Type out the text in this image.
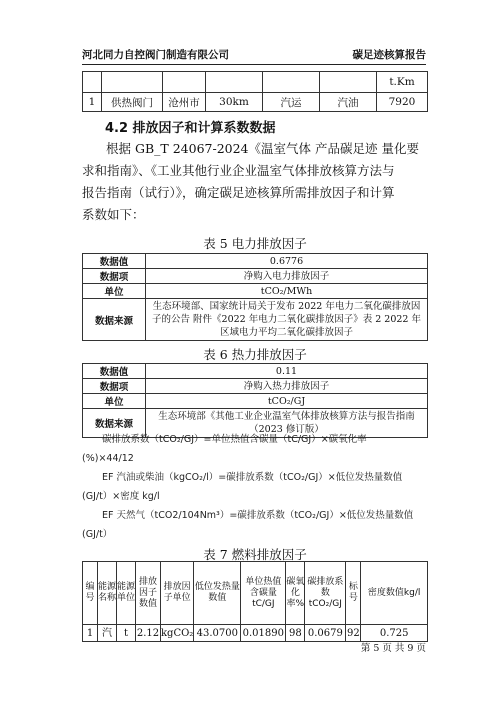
河北同力自控阀门制造有限公司	碳足迹核算报告
						t.Km
1	供热阀门	沧州市	30km	汽运	汽油	7920
4.2 排放因子和计算系数数据
根据 GB_T 24067-2024《温室气体 产品碳足迹 量化要
求和指南》、《工业其他行业企业温室气体排放核算方法与
报告指南（试行）》，确定碳足迹核算所需排放因子和计算
系数如下：
表 5 电力排放因子
数据值	0.6776
数据项	净购入电力排放因子
单位	tCO₂/MWh
数据来源	生态环境部、国家统计局关于发布 2022 年电力二氧化碳排放因子的公告 附件《2022 年电力二氧化碳排放因子》表 2 2022 年区域电力平均二氧化碳排放因子
表 6 热力排放因子
数据值	0.11
数据项	净购入热力排放因子
单位	tCO₂/GJ
数据来源	生态环境部《其他工业企业温室气体排放核算方法与报告指南（2023 修订版）
碳排放系数（tCO₂/GJ）=单位热值含碳量（tC/GJ）×碳氧化率
(%)×44/12
EF 汽油或柴油（kgCO₂/l）=碳排放系数（tCO₂/GJ）×低位发热量数值
(GJ/t）×密度 kg/l
EF 天然气（tCO2/104Nm³）=碳排放系数（tCO₂/GJ）×低位发热量数值
(GJ/t）
表 7 燃料排放因子
编号	能源名称	能源单位	排放因子数值	排放因子单位	低位发热量数值	单位热值含碳量tC/GJ	碳氧化率%	碳排放系数tCO₂/GJ	标号	密度数值kg/l
1	汽	t	2.12	kgCO₂	43.0700	0.01890	98	0.0679	92	0.725
第 5 页 共 9 页
